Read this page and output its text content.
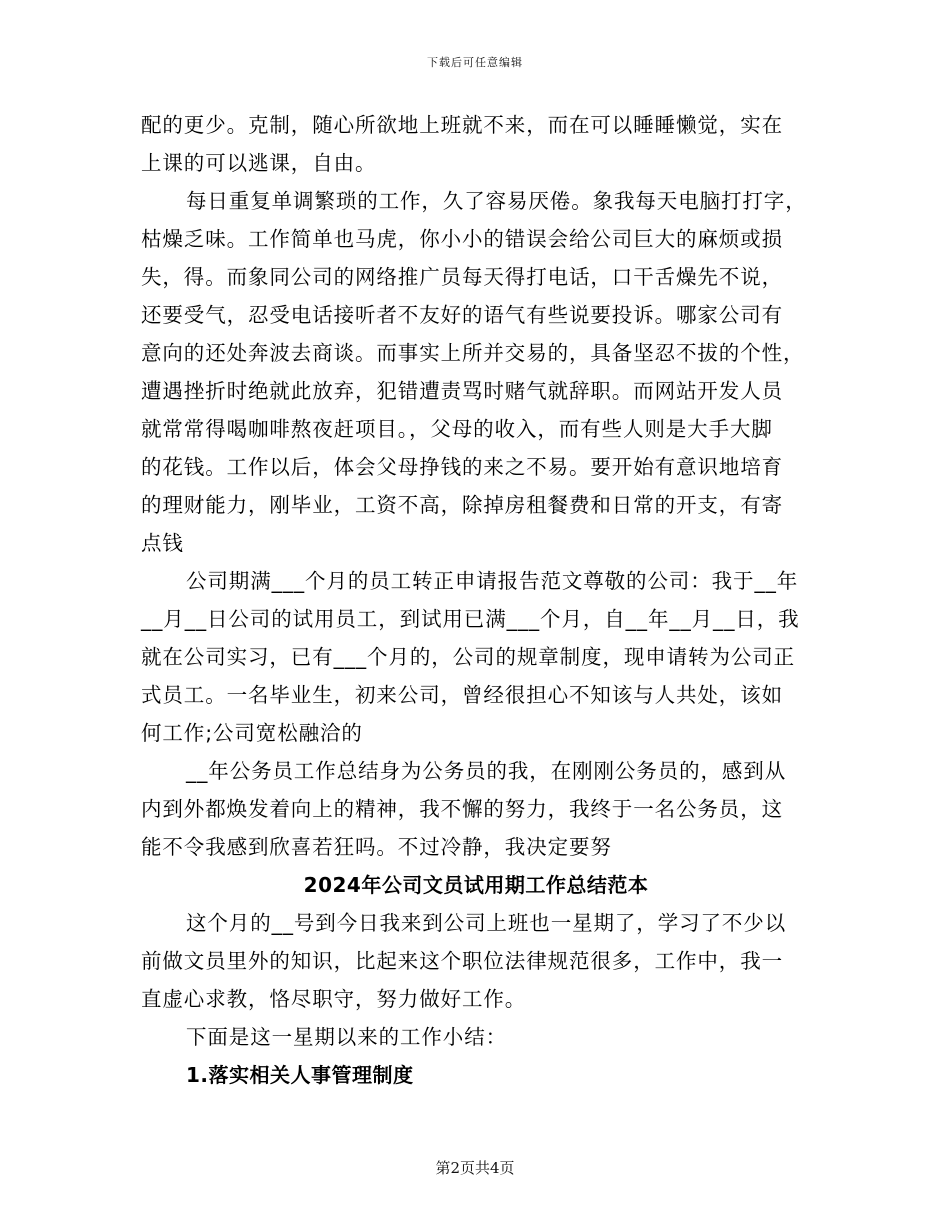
下载后可任意编辑
配的更少。克制，随心所欲地上班就不来，而在可以睡睡懒觉，实在
上课的可以逃课，自由。
每日重复单调繁琐的工作，久了容易厌倦。象我每天电脑打打字，
枯燥乏味。工作简单也马虎，你小小的错误会给公司巨大的麻烦或损
失，得。而象同公司的网络推广员每天得打电话，口干舌燥先不说，
还要受气，忍受电话接听者不友好的语气有些说要投诉。哪家公司有
意向的还处奔波去商谈。而事实上所并交易的，具备坚忍不拔的个性，
遭遇挫折时绝就此放弃，犯错遭责骂时赌气就辞职。而网站开发人员
就常常得喝咖啡熬夜赶项目。，父母的收入，而有些人则是大手大脚
的花钱。工作以后，体会父母挣钱的来之不易。要开始有意识地培育
的理财能力，刚毕业，工资不高，除掉房租餐费和日常的开支，有寄
点钱
公司期满___个月的员工转正申请报告范文尊敬的公司：我于__年
__月__日公司的试用员工，到试用已满___个月，自__年__月__日，我
就在公司实习，已有___个月的，公司的规章制度，现申请转为公司正
式员工。一名毕业生，初来公司，曾经很担心不知该与人共处，该如
何工作;公司宽松融洽的
__年公务员工作总结身为公务员的我，在刚刚公务员的，感到从
内到外都焕发着向上的精神，我不懈的努力，我终于一名公务员，这
能不令我感到欣喜若狂吗。不过冷静，我决定要努
2024年公司文员试用期工作总结范本
这个月的__号到今日我来到公司上班也一星期了，学习了不少以
前做文员里外的知识，比起来这个职位法律规范很多，工作中，我一
直虚心求教，恪尽职守，努力做好工作。
下面是这一星期以来的工作小结：
1.落实相关人事管理制度
第2页共4页
